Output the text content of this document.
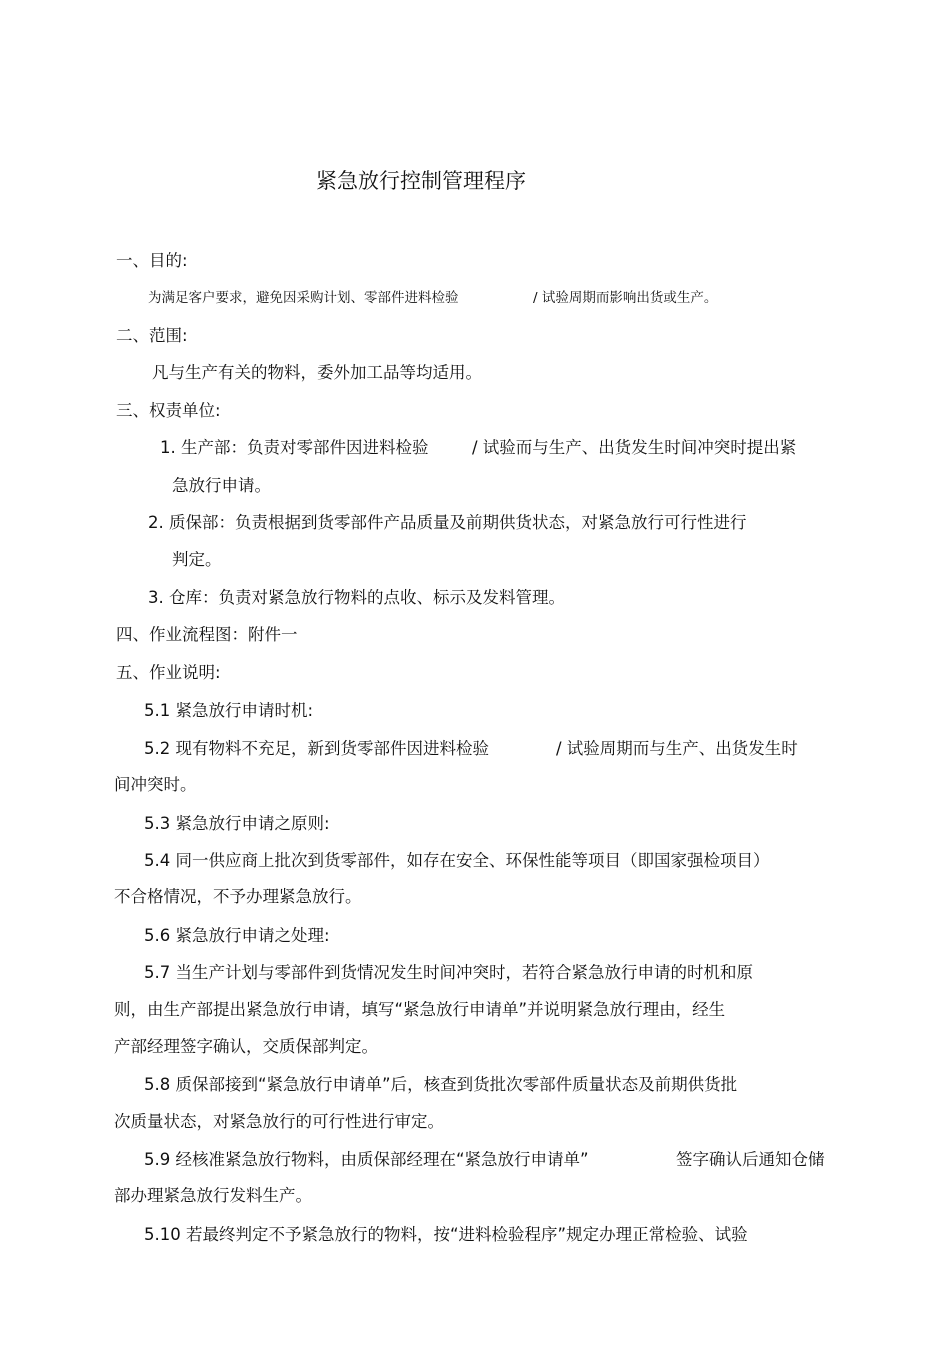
紧急放行控制管理程序
一、目的:
为满足客户要求，避免因采购计划、零部件进料检验	/ 试验周期而影响出货或生产。
二、范围:
凡与生产有关的物料，委外加工品等均适用。
三、权责单位:
1. 生产部：负责对零部件因进料检验	/ 试验而与生产、出货发生时间冲突时提出紧
急放行申请。
2. 质保部：负责根据到货零部件产品质量及前期供货状态，对紧急放行可行性进行
判定。
3. 仓库：负责对紧急放行物料的点收、标示及发料管理。
四、作业流程图：附件一
五、作业说明:
5.1 紧急放行申请时机:
5.2 现有物料不充足，新到货零部件因进料检验	/ 试验周期而与生产、出货发生时
间冲突时。
5.3 紧急放行申请之原则:
5.4 同一供应商上批次到货零部件，如存在安全、环保性能等项目（即国家强检项目）
不合格情况，不予办理紧急放行。
5.6 紧急放行申请之处理:
5.7 当生产计划与零部件到货情况发生时间冲突时，若符合紧急放行申请的时机和原
则，由生产部提出紧急放行申请，填写“紧急放行申请单”并说明紧急放行理由，经生
产部经理签字确认，交质保部判定。
5.8 质保部接到“紧急放行申请单”后，核查到货批次零部件质量状态及前期供货批
次质量状态，对紧急放行的可行性进行审定。
5.9 经核准紧急放行物料，由质保部经理在“紧急放行申请单”	签字确认后通知仓储
部办理紧急放行发料生产。
5.10 若最终判定不予紧急放行的物料，按“进料检验程序”规定办理正常检验、试验
